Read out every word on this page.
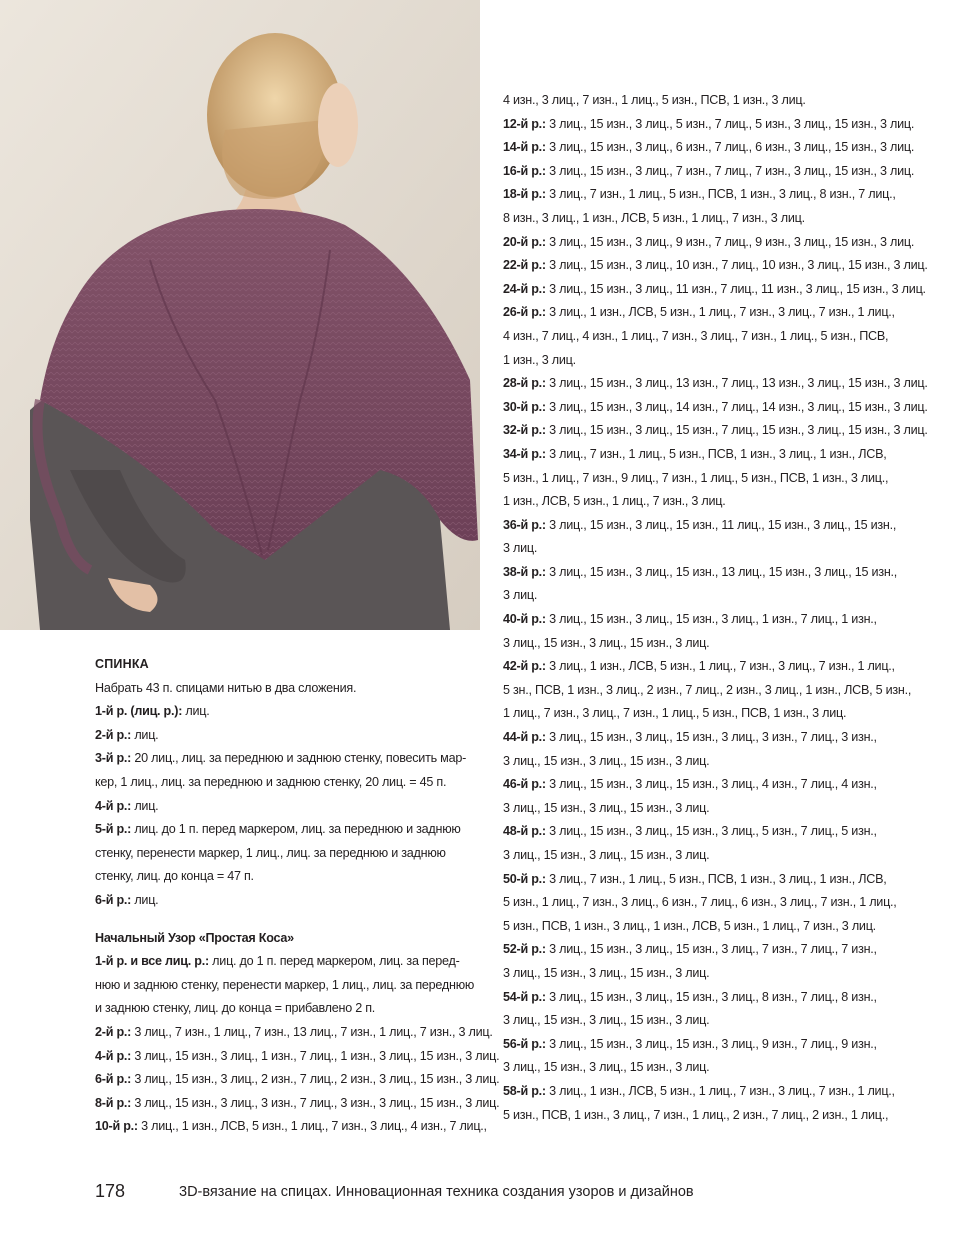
СПИНКА

Набрать 43 п. спицами нитью в два сложения.

1-й р. (лиц. р.): лиц.

2-й р.: лиц.

3-й р.: 20 лиц., лиц. за переднюю и заднюю стенку, повесить мар-

кер, 1 лиц., лиц. за переднюю и заднюю стенку, 20 лиц. = 45 п.

4-й р.: лиц.

5-й р.: лиц. до 1 п. перед маркером, лиц. за переднюю и заднюю

стенку, перенести маркер, 1 лиц., лиц. за переднюю и заднюю

стенку, лиц. до конца = 47 п.

6-й р.: лиц.

Начальный Узор «Простая Коса»

1-й р. и все лиц. р.: лиц. до 1 п. перед маркером, лиц. за перед-

нюю и заднюю стенку, перенести маркер, 1 лиц., лиц. за переднюю

и заднюю стенку, лиц. до конца = прибавлено 2 п.

2-й р.: 3 лиц., 7 изн., 1 лиц., 7 изн., 13 лиц., 7 изн., 1 лиц., 7 изн., 3 лиц.

4-й р.: 3 лиц., 15 изн., 3 лиц., 1 изн., 7 лиц., 1 изн., 3 лиц., 15 изн., 3 лиц.

6-й р.: 3 лиц., 15 изн., 3 лиц., 2 изн., 7 лиц., 2 изн., 3 лиц., 15 изн., 3 лиц.

8-й р.: 3 лиц., 15 изн., 3 лиц., 3 изн., 7 лиц., 3 изн., 3 лиц., 15 изн., 3 лиц.

10-й р.: 3 лиц., 1 изн., ЛСВ, 5 изн., 1 лиц., 7 изн., 3 лиц., 4 изн., 7 лиц.,

4 изн., 3 лиц., 7 изн., 1 лиц., 5 изн., ПСВ, 1 изн., 3 лиц.

12-й р.: 3 лиц., 15 изн., 3 лиц., 5 изн., 7 лиц., 5 изн., 3 лиц., 15 изн., 3 лиц.

14-й р.: 3 лиц., 15 изн., 3 лиц., 6 изн., 7 лиц., 6 изн., 3 лиц., 15 изн., 3 лиц.

16-й р.: 3 лиц., 15 изн., 3 лиц., 7 изн., 7 лиц., 7 изн., 3 лиц., 15 изн., 3 лиц.

18-й р.: 3 лиц., 7 изн., 1 лиц., 5 изн., ПСВ, 1 изн., 3 лиц., 8 изн., 7 лиц.,

8 изн., 3 лиц., 1 изн., ЛСВ, 5 изн., 1 лиц., 7 изн., 3 лиц.

20-й р.: 3 лиц., 15 изн., 3 лиц., 9 изн., 7 лиц., 9 изн., 3 лиц., 15 изн., 3 лиц.

22-й р.: 3 лиц., 15 изн., 3 лиц., 10 изн., 7 лиц., 10 изн., 3 лиц., 15 изн., 3 лиц.

24-й р.: 3 лиц., 15 изн., 3 лиц., 11 изн., 7 лиц., 11 изн., 3 лиц., 15 изн., 3 лиц.

26-й р.: 3 лиц., 1 изн., ЛСВ, 5 изн., 1 лиц., 7 изн., 3 лиц., 7 изн., 1 лиц.,

4 изн., 7 лиц., 4 изн., 1 лиц., 7 изн., 3 лиц., 7 изн., 1 лиц., 5 изн., ПСВ,

1 изн., 3 лиц.

28-й р.: 3 лиц., 15 изн., 3 лиц., 13 изн., 7 лиц., 13 изн., 3 лиц., 15 изн., 3 лиц.

30-й р.: 3 лиц., 15 изн., 3 лиц., 14 изн., 7 лиц., 14 изн., 3 лиц., 15 изн., 3 лиц.

32-й р.: 3 лиц., 15 изн., 3 лиц., 15 изн., 7 лиц., 15 изн., 3 лиц., 15 изн., 3 лиц.

34-й р.: 3 лиц., 7 изн., 1 лиц., 5 изн., ПСВ, 1 изн., 3 лиц., 1 изн., ЛСВ,

5 изн., 1 лиц., 7 изн., 9 лиц., 7 изн., 1 лиц., 5 изн., ПСВ, 1 изн., 3 лиц.,

1 изн., ЛСВ, 5 изн., 1 лиц., 7 изн., 3 лиц.

36-й р.: 3 лиц., 15 изн., 3 лиц., 15 изн., 11 лиц., 15 изн., 3 лиц., 15 изн.,

3 лиц.

38-й р.: 3 лиц., 15 изн., 3 лиц., 15 изн., 13 лиц., 15 изн., 3 лиц., 15 изн.,

3 лиц.

40-й р.: 3 лиц., 15 изн., 3 лиц., 15 изн., 3 лиц., 1 изн., 7 лиц., 1 изн.,

3 лиц., 15 изн., 3 лиц., 15 изн., 3 лиц.

42-й р.: 3 лиц., 1 изн., ЛСВ, 5 изн., 1 лиц., 7 изн., 3 лиц., 7 изн., 1 лиц.,

5 зн., ПСВ, 1 изн., 3 лиц., 2 изн., 7 лиц., 2 изн., 3 лиц., 1 изн., ЛСВ, 5 изн.,

1 лиц., 7 изн., 3 лиц., 7 изн., 1 лиц., 5 изн., ПСВ, 1 изн., 3 лиц.

44-й р.: 3 лиц., 15 изн., 3 лиц., 15 изн., 3 лиц., 3 изн., 7 лиц., 3 изн.,

3 лиц., 15 изн., 3 лиц., 15 изн., 3 лиц.

46-й р.: 3 лиц., 15 изн., 3 лиц., 15 изн., 3 лиц., 4 изн., 7 лиц., 4 изн.,

3 лиц., 15 изн., 3 лиц., 15 изн., 3 лиц.

48-й р.: 3 лиц., 15 изн., 3 лиц., 15 изн., 3 лиц., 5 изн., 7 лиц., 5 изн.,

3 лиц., 15 изн., 3 лиц., 15 изн., 3 лиц.

50-й р.: 3 лиц., 7 изн., 1 лиц., 5 изн., ПСВ, 1 изн., 3 лиц., 1 изн., ЛСВ,

5 изн., 1 лиц., 7 изн., 3 лиц., 6 изн., 7 лиц., 6 изн., 3 лиц., 7 изн., 1 лиц.,

5 изн., ПСВ, 1 изн., 3 лиц., 1 изн., ЛСВ, 5 изн., 1 лиц., 7 изн., 3 лиц.

52-й р.: 3 лиц., 15 изн., 3 лиц., 15 изн., 3 лиц., 7 изн., 7 лиц., 7 изн.,

3 лиц., 15 изн., 3 лиц., 15 изн., 3 лиц.

54-й р.: 3 лиц., 15 изн., 3 лиц., 15 изн., 3 лиц., 8 изн., 7 лиц., 8 изн.,

3 лиц., 15 изн., 3 лиц., 15 изн., 3 лиц.

56-й р.: 3 лиц., 15 изн., 3 лиц., 15 изн., 3 лиц., 9 изн., 7 лиц., 9 изн.,

3 лиц., 15 изн., 3 лиц., 15 изн., 3 лиц.

58-й р.: 3 лиц., 1 изн., ЛСВ, 5 изн., 1 лиц., 7 изн., 3 лиц., 7 изн., 1 лиц.,

5 изн., ПСВ, 1 изн., 3 лиц., 7 изн., 1 лиц., 2 изн., 7 лиц., 2 изн., 1 лиц.,

178	3D-вязание на спицах. Инновационная техника создания узоров и дизайнов
